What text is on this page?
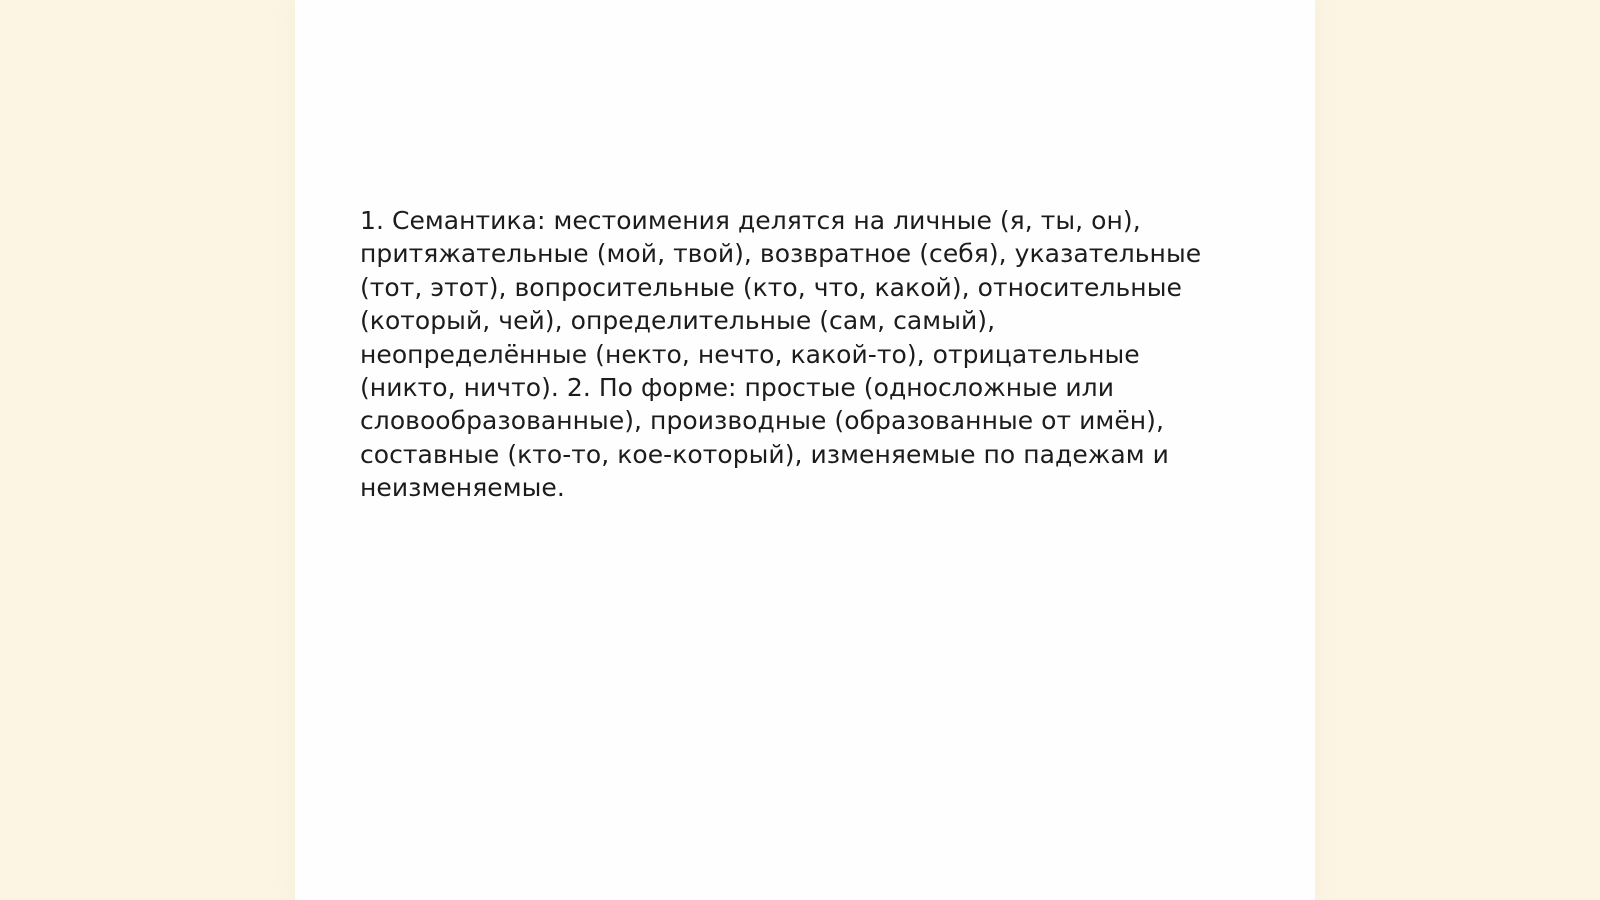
1. Семантика: местоимения делятся на личные (я, ты, он), притяжательные (мой, твой), возвратное (себя), указательные (тот, этот), вопросительные (кто, что, какой), относительные (который, чей), определительные (сам, самый), неопределённые (некто, нечто, какой-то), отрицательные (никто, ничто). 2. По форме: простые (односложные или словообразованные), производные (образованные от имён), составные (кто-то, кое-который), изменяемые по падежам и неизменяемые.
